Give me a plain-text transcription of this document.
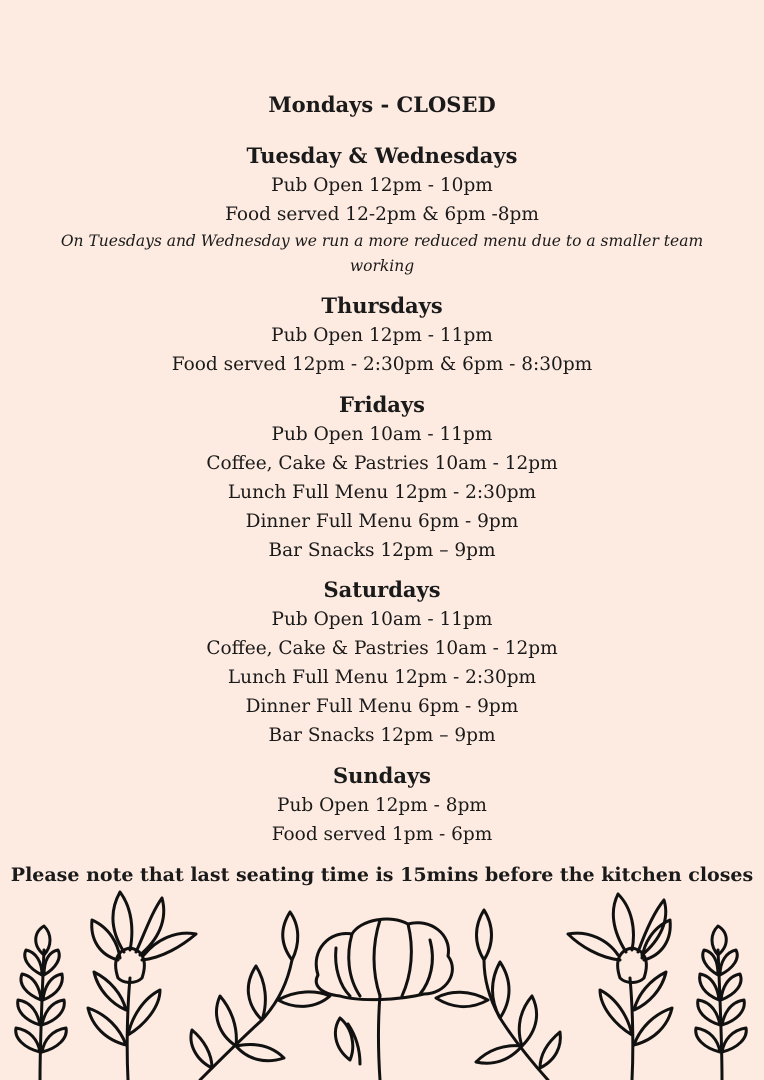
Mondays - CLOSED
Tuesday & Wednesdays
Pub Open 12pm - 10pm
Food served 12-2pm & 6pm -8pm
On Tuesdays and Wednesday we run a more reduced menu due to a smaller team working
Thursdays
Pub Open 12pm - 11pm
Food served 12pm - 2:30pm & 6pm - 8:30pm
Fridays
Pub Open 10am - 11pm
Coffee, Cake & Pastries 10am - 12pm
Lunch Full Menu 12pm - 2:30pm
Dinner Full Menu 6pm - 9pm
Bar Snacks 12pm – 9pm
Saturdays
Pub Open 10am - 11pm
Coffee, Cake & Pastries 10am - 12pm
Lunch Full Menu 12pm - 2:30pm
Dinner Full Menu 6pm - 9pm
Bar Snacks 12pm – 9pm
Sundays
Pub Open 12pm - 8pm
Food served 1pm - 6pm
Please note that last seating time is 15mins before the kitchen closes
